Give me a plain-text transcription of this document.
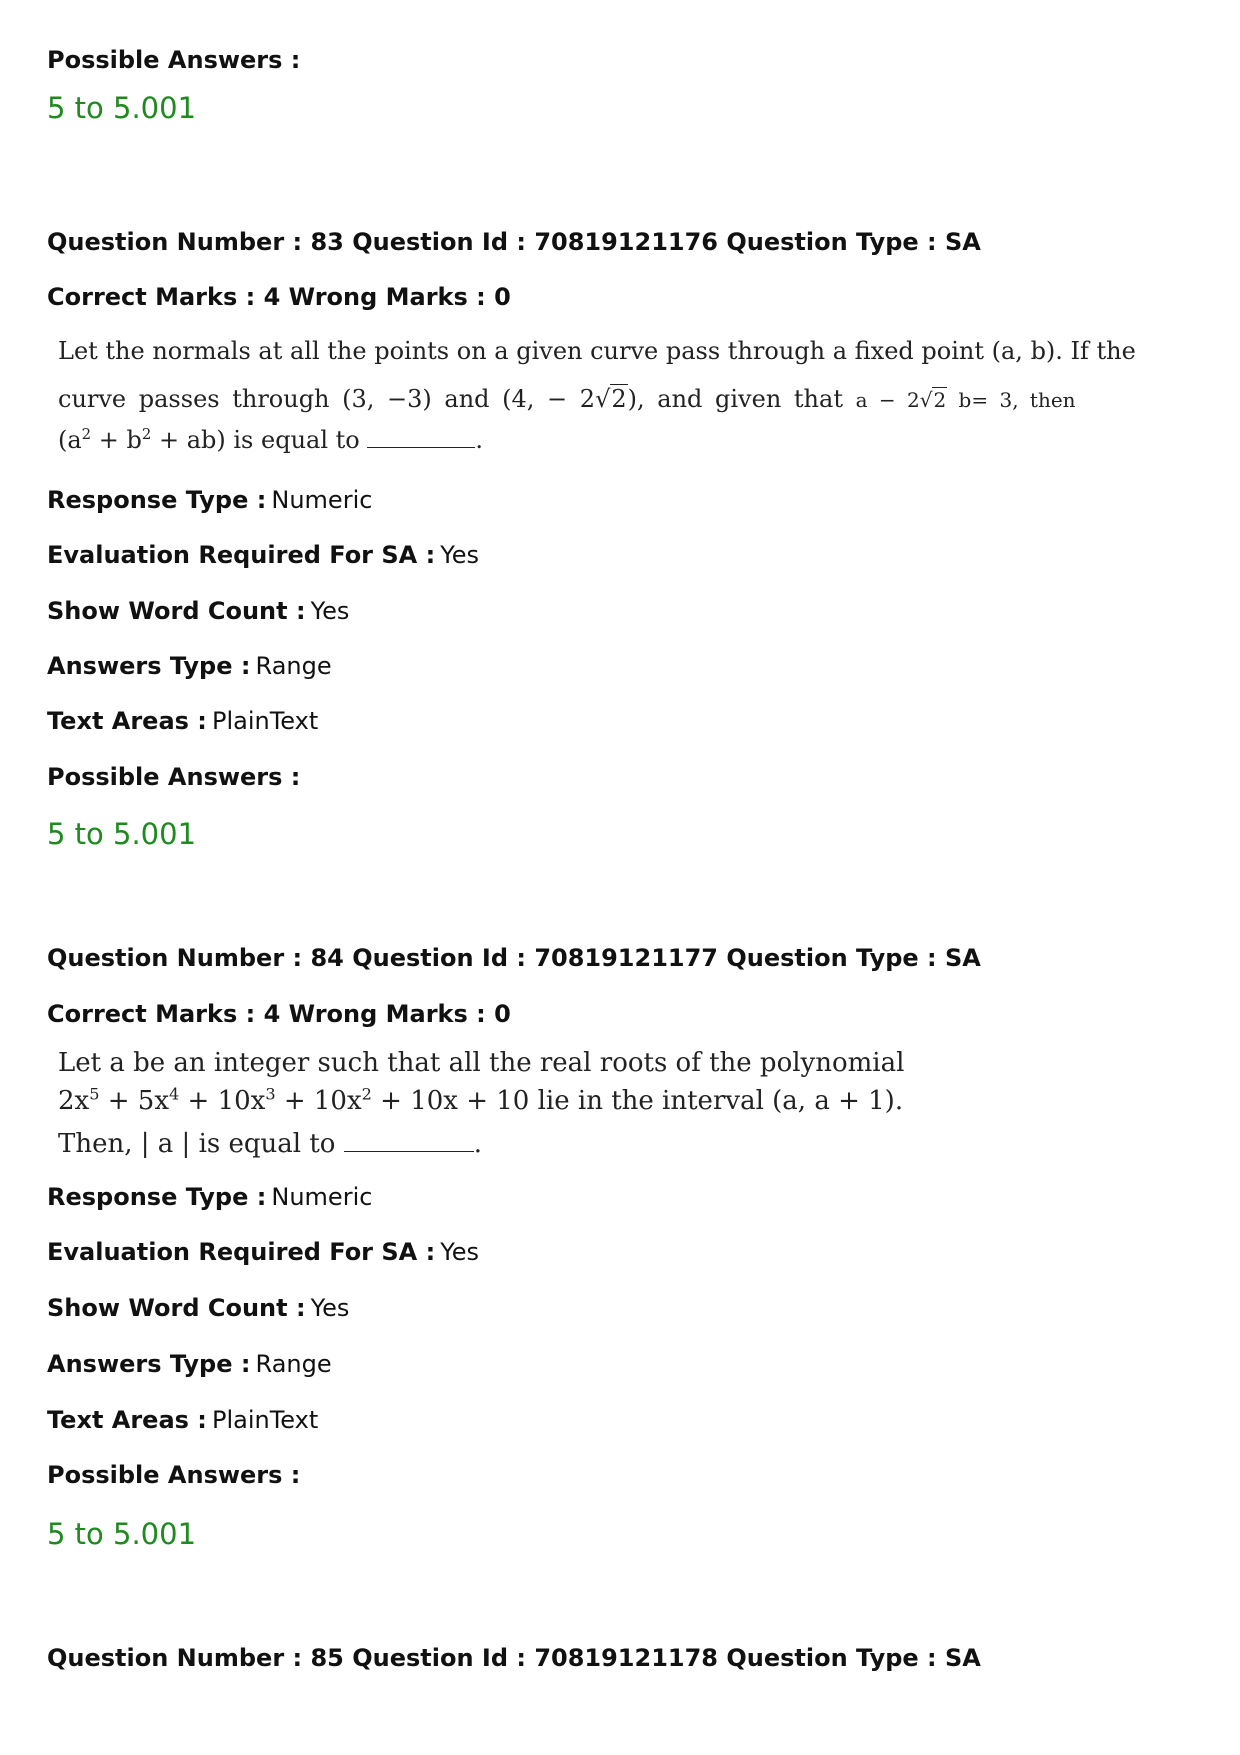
Possible Answers :
5 to 5.001
Question Number : 83 Question Id : 70819121176 Question Type : SA
Correct Marks : 4 Wrong Marks : 0
Let the normals at all the points on a given curve pass through a fixed point (a, b). If the
curve passes through (3, −3) and (4, − 2√2), and given that a − 2√2 b= 3, then
$(a^2 + b^2 + ab)$ is equal to	.
Response Type : Numeric
Evaluation Required For SA : Yes
Show Word Count : Yes
Answers Type : Range
Text Areas : PlainText
Possible Answers :
5 to 5.001
Question Number : 84 Question Id : 70819121177 Question Type : SA
Correct Marks : 4 Wrong Marks : 0
Let a be an integer such that all the real roots of the polynomial
$2x^5 + 5x^4 + 10x^3 + 10x^2 + 10x + 10$ lie in the interval (a, a + 1).
Then, | a | is equal to	.
Response Type : Numeric
Evaluation Required For SA : Yes
Show Word Count : Yes
Answers Type : Range
Text Areas : PlainText
Possible Answers :
5 to 5.001
Question Number : 85 Question Id : 70819121178 Question Type : SA
